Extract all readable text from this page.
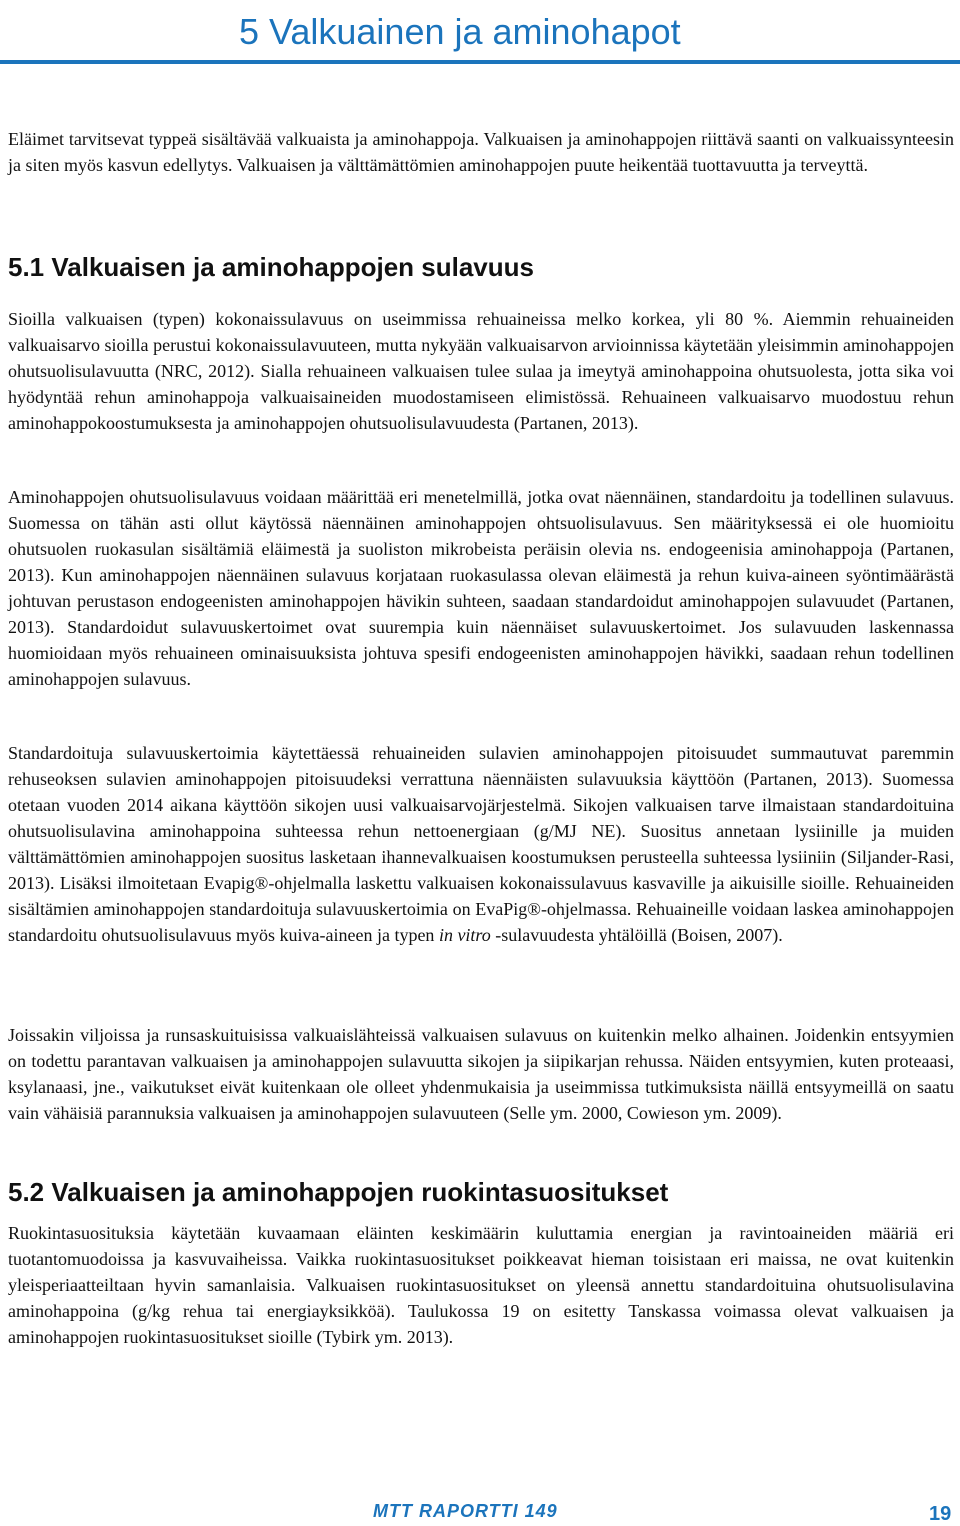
5 Valkuainen ja aminohapot

Eläimet tarvitsevat typpeä sisältävää valkuaista ja aminohappoja. Valkuaisen ja aminohappojen riittävä saanti on valkuaissynteesin ja siten myös kasvun edellytys. Valkuaisen ja välttämättömien aminohappojen puute heikentää tuottavuutta ja terveyttä.

5.1 Valkuaisen ja aminohappojen sulavuus

Sioilla valkuaisen (typen) kokonaissulavuus on useimmissa rehuaineissa melko korkea, yli 80 %. Aiemmin rehuaineiden valkuaisarvo sioilla perustui kokonaissulavuuteen, mutta nykyään valkuaisarvon arvioinnissa käytetään yleisimmin aminohappojen ohutsuolisulavuutta (NRC, 2012). Sialla rehuaineen valkuaisen tulee sulaa ja imeytyä aminohappoina ohutsuolesta, jotta sika voi hyödyntää rehun aminohappoja valkuaisaineiden muodostamiseen elimistössä. Rehuaineen valkuaisarvo muodostuu rehun aminohappokoostumuksesta ja aminohappojen ohutsuolisulavuudesta (Partanen, 2013).

Aminohappojen ohutsuolisulavuus voidaan määrittää eri menetelmillä, jotka ovat näennäinen, standardoitu ja todellinen sulavuus. Suomessa on tähän asti ollut käytössä näennäinen aminohappojen ohtsuolisulavuus. Sen määrityksessä ei ole huomioitu ohutsuolen ruokasulan sisältämiä eläimestä ja suoliston mikrobeista peräisin olevia ns. endogeenisia aminohappoja (Partanen, 2013). Kun aminohappojen näennäinen sulavuus korjataan ruokasulassa olevan eläimestä ja rehun kuiva-aineen syöntimäärästä johtuvan perustason endogeenisten aminohappojen hävikin suhteen, saadaan standardoidut aminohappojen sulavuudet (Partanen, 2013). Standardoidut sulavuuskertoimet ovat suurempia kuin näennäiset sulavuuskertoimet. Jos sulavuuden laskennassa huomioidaan myös rehuaineen ominaisuuksista johtuva spesifi endogeenisten aminohappojen hävikki, saadaan rehun todellinen aminohappojen sulavuus.

Standardoituja sulavuuskertoimia käytettäessä rehuaineiden sulavien aminohappojen pitoisuudet summautuvat paremmin rehuseoksen sulavien aminohappojen pitoisuudeksi verrattuna näennäisten sulavuuksia käyttöön (Partanen, 2013). Suomessa otetaan vuoden 2014 aikana käyttöön sikojen uusi valkuaisarvojärjestelmä. Sikojen valkuaisen tarve ilmaistaan standardoituina ohutsuolisulavina aminohappoina suhteessa rehun nettoenergiaan (g/MJ NE). Suositus annetaan lysiinille ja muiden välttämättömien aminohappojen suositus lasketaan ihannevalkuaisen koostumuksen perusteella suhteessa lysiiniin (Siljander-Rasi, 2013). Lisäksi ilmoitetaan Evapig®-ohjelmalla laskettu valkuaisen kokonaissulavuus kasvaville ja aikuisille sioille. Rehuaineiden sisältämien aminohappojen standardoituja sulavuuskertoimia on EvaPig®-ohjelmassa. Rehuaineille voidaan laskea aminohappojen standardoitu ohutsuolisulavuus myös kuiva-aineen ja typen in vitro -sulavuudesta yhtälöillä (Boisen, 2007).

Joissakin viljoissa ja runsaskuituisissa valkuaislähteissä valkuaisen sulavuus on kuitenkin melko alhainen. Joidenkin entsyymien on todettu parantavan valkuaisen ja aminohappojen sulavuutta sikojen ja siipikarjan rehussa. Näiden entsyymien, kuten proteaasi, ksylanaasi, jne., vaikutukset eivät kuitenkaan ole olleet yhdenmukaisia ja useimmissa tutkimuksista näillä entsyymeillä on saatu vain vähäisiä parannuksia valkuaisen ja aminohappojen sulavuuteen (Selle ym. 2000, Cowieson ym. 2009).

5.2 Valkuaisen ja aminohappojen ruokintasuositukset

Ruokintasuosituksia käytetään kuvaamaan eläinten keskimäärin kuluttamia energian ja ravintoaineiden määriä eri tuotantomuodoissa ja kasvuvaiheissa. Vaikka ruokintasuositukset poikkeavat hieman toisistaan eri maissa, ne ovat kuitenkin yleisperiaatteiltaan hyvin samanlaisia. Valkuaisen ruokintasuositukset on yleensä annettu standardoituina ohutsuolisulavina aminohappoina (g/kg rehua tai energiayksikköä). Taulukossa 19 on esitetty Tanskassa voimassa olevat valkuaisen ja aminohappojen ruokintasuositukset sioille (Tybirk ym. 2013).

MTT RAPORTTI 149	19
